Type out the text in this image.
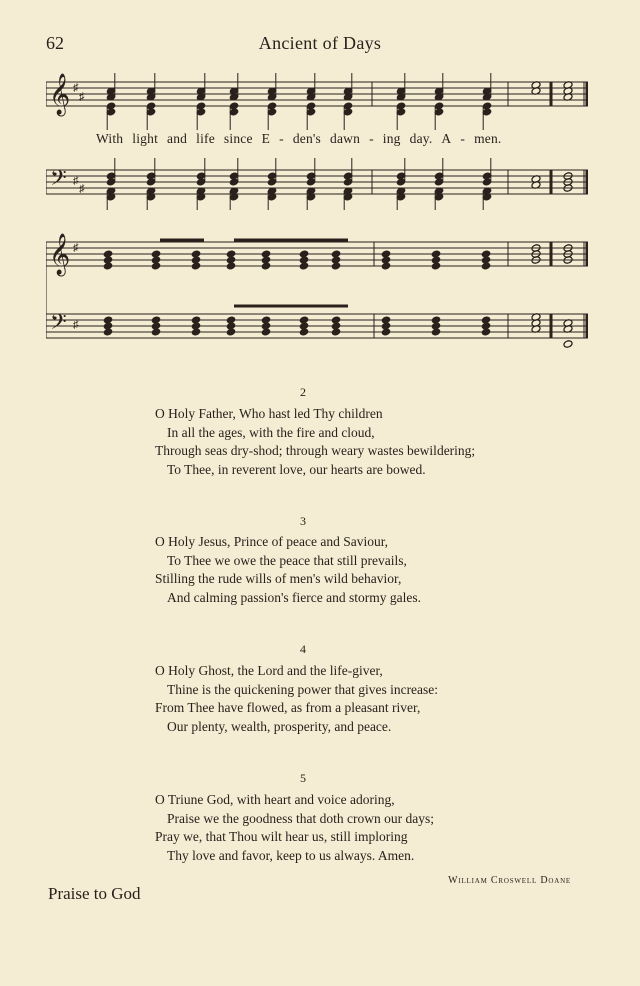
62	Ancient of Days
𝄞
𝄢
♯
♯
♯
♯
With light and life since E - den's dawn - ing day. A - men.
𝄞
𝄢
♯
♯
2
O Holy Father, Who hast led Thy children
In all the ages, with the fire and cloud,
Through seas dry-shod; through weary wastes bewildering;
To Thee, in reverent love, our hearts are bowed.
3
O Holy Jesus, Prince of peace and Saviour,
To Thee we owe the peace that still prevails,
Stilling the rude wills of men's wild behavior,
And calming passion's fierce and stormy gales.
4
O Holy Ghost, the Lord and the life-giver,
Thine is the quickening power that gives increase:
From Thee have flowed, as from a pleasant river,
Our plenty, wealth, prosperity, and peace.
5
O Triune God, with heart and voice adoring,
Praise we the goodness that doth crown our days;
Pray we, that Thou wilt hear us, still imploring
Thy love and favor, keep to us always. Amen.
William Croswell Doane
Praise to God
